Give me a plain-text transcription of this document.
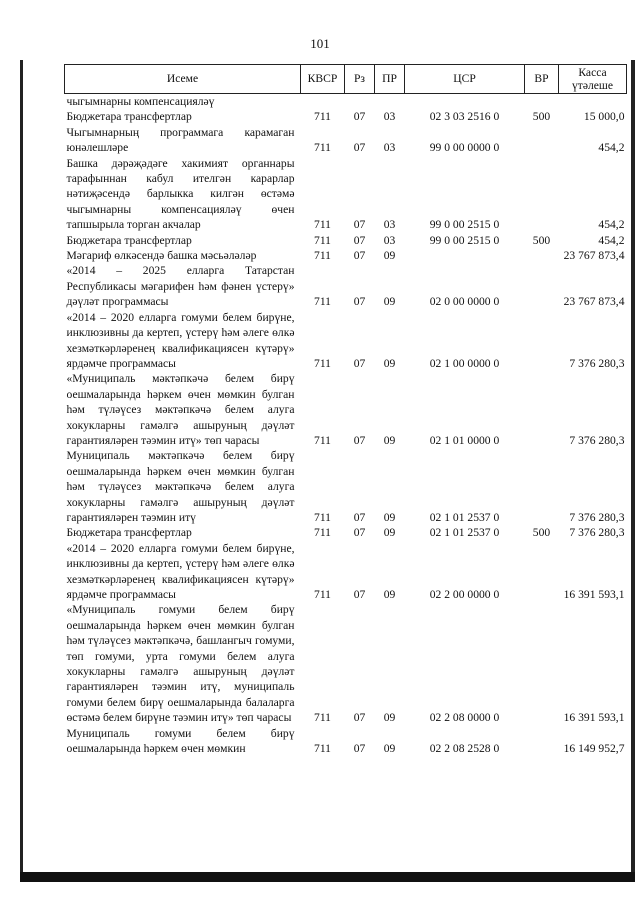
101
Исеме	КВСР	Рз	ПР	ЦСР	ВР	Касса
үтәлеше

чыгымнарны компенсацияләү						
Бюджетара трансфертлар	711	07	03	02 3 03 2516 0	500	15 000,0
Чыгымнарның программага карамаган юнәлешләре	711	07	03	99 0 00 0000 0		454,2
Башка дәрәҗәдәге хакимият органнары тарафыннан кабул ителгән карарлар нәтиҗәсендә барлыкка килгән өстәмә чыгымнарны компенсацияләү өчен тапшырыла торган акчалар	711	07	03	99 0 00 2515 0		454,2
Бюджетара трансфертлар	711	07	03	99 0 00 2515 0	500	454,2
Мәгариф өлкәсендә башка мәсьәләләр	711	07	09			23 767 873,4
«2014 – 2025 елларга Татарстан Республикасы мәгарифен һәм фәнен үстерү» дәүләт программасы	711	07	09	02 0 00 0000 0		23 767 873,4
«2014 – 2020 елларга гомуми белем бирүне, инклюзивны да кертеп, үстерү һәм әлеге өлкә хезмәткәрләренең квалификациясен күтәрү» ярдәмче программасы	711	07	09	02 1 00 0000 0		7 376 280,3
«Муниципаль мәктәпкәчә белем бирү оешмаларында һәркем өчен мөмкин булган һәм түләүсез мәктәпкәчә белем алуга хокукларны гамәлгә ашыруның дәүләт гарантияләрен тәэмин итү» төп чарасы	711	07	09	02 1 01 0000 0		7 376 280,3
Муниципаль мәктәпкәчә белем бирү оешмаларында һәркем өчен мөмкин булган һәм түләүсез мәктәпкәчә белем алуга хокукларны гамәлгә ашыруның дәүләт гарантияләрен тәэмин итү	711	07	09	02 1 01 2537 0		7 376 280,3
Бюджетара трансфертлар	711	07	09	02 1 01 2537 0	500	7 376 280,3
«2014 – 2020 елларга гомуми белем бирүне, инклюзивны да кертеп, үстерү һәм әлеге өлкә хезмәткәрләренең квалификациясен күтәрү» ярдәмче программасы	711	07	09	02 2 00 0000 0		16 391 593,1
«Муниципаль гомуми белем бирү оешмаларында һәркем өчен мөмкин булган һәм түләүсез мәктәпкәчә, башлангыч гомуми, төп гомуми, урта гомуми белем алуга хокукларны гамәлгә ашыруның дәүләт гарантияләрен тәэмин итү, муниципаль гомуми белем бирү оешмаларында балаларга өстәмә белем бирүне тәэмин итү» төп чарасы	711	07	09	02 2 08 0000 0		16 391 593,1
Муниципаль гомуми белем бирү оешмаларында һәркем өчен мөмкин	711	07	09	02 2 08 2528 0		16 149 952,7
